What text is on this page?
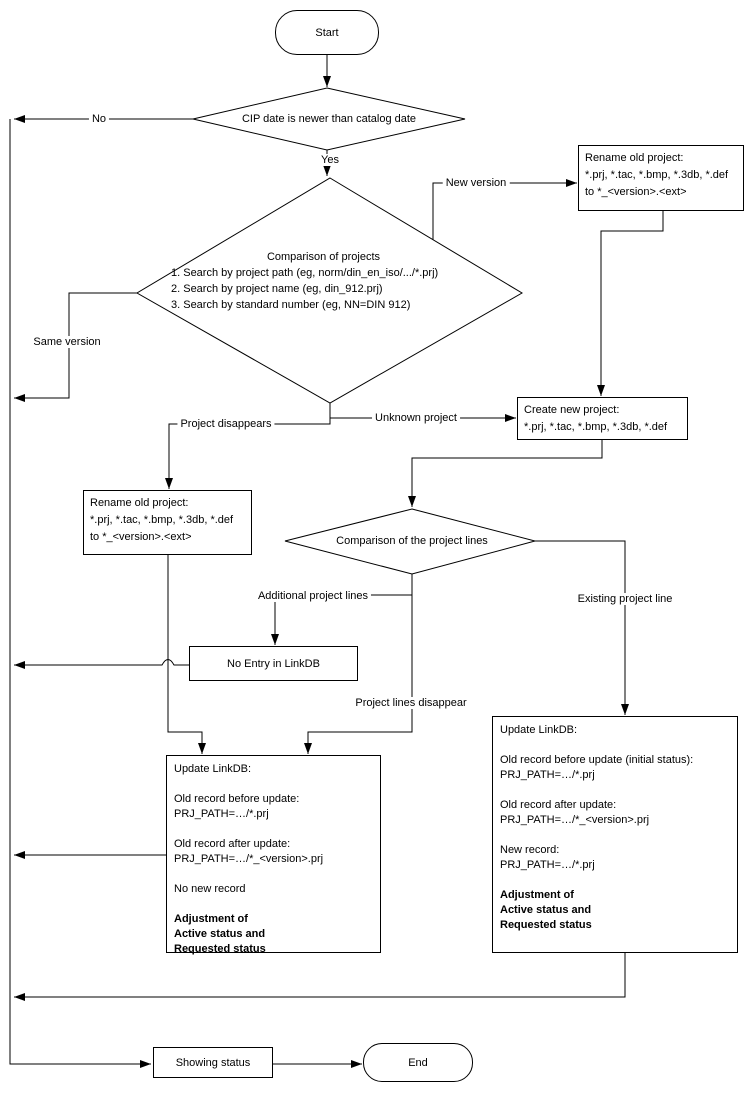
Start
CIP date is newer than catalog date
Comparison of projects
1. Search by project path (eg, norm/din_en_iso/.../*.prj)
2. Search by project name (eg, din_912.prj)
3. Search by standard number (eg, NN=DIN 912)
Rename old project:
*.prj, *.tac, *.bmp, *.3db, *.def
to *_<version>.<ext>
Create new project:
*.prj, *.tac, *.bmp, *.3db, *.def
Rename old project:
*.prj, *.tac, *.bmp, *.3db, *.def
to *_<version>.<ext>	Comparison of the project lines
No Entry in LinkDB
Update LinkDB:
Old record before update:
PRJ_PATH=…/*.prj
Old record after update:
PRJ_PATH=…/*_<version>.prj
No new record
Adjustment of
Active status and
Requested status
Update LinkDB:
Old record before update (initial status):
PRJ_PATH=…/*.prj
Old record after update:
PRJ_PATH=…/*_<version>.prj
New record:
PRJ_PATH=…/*.prj
Adjustment of
Active status and
Requested status
Showing status	End
No
Yes
New version
Same version
Project disappears	Unknown project
Additional project lines	Existing project line
Project lines disappear
